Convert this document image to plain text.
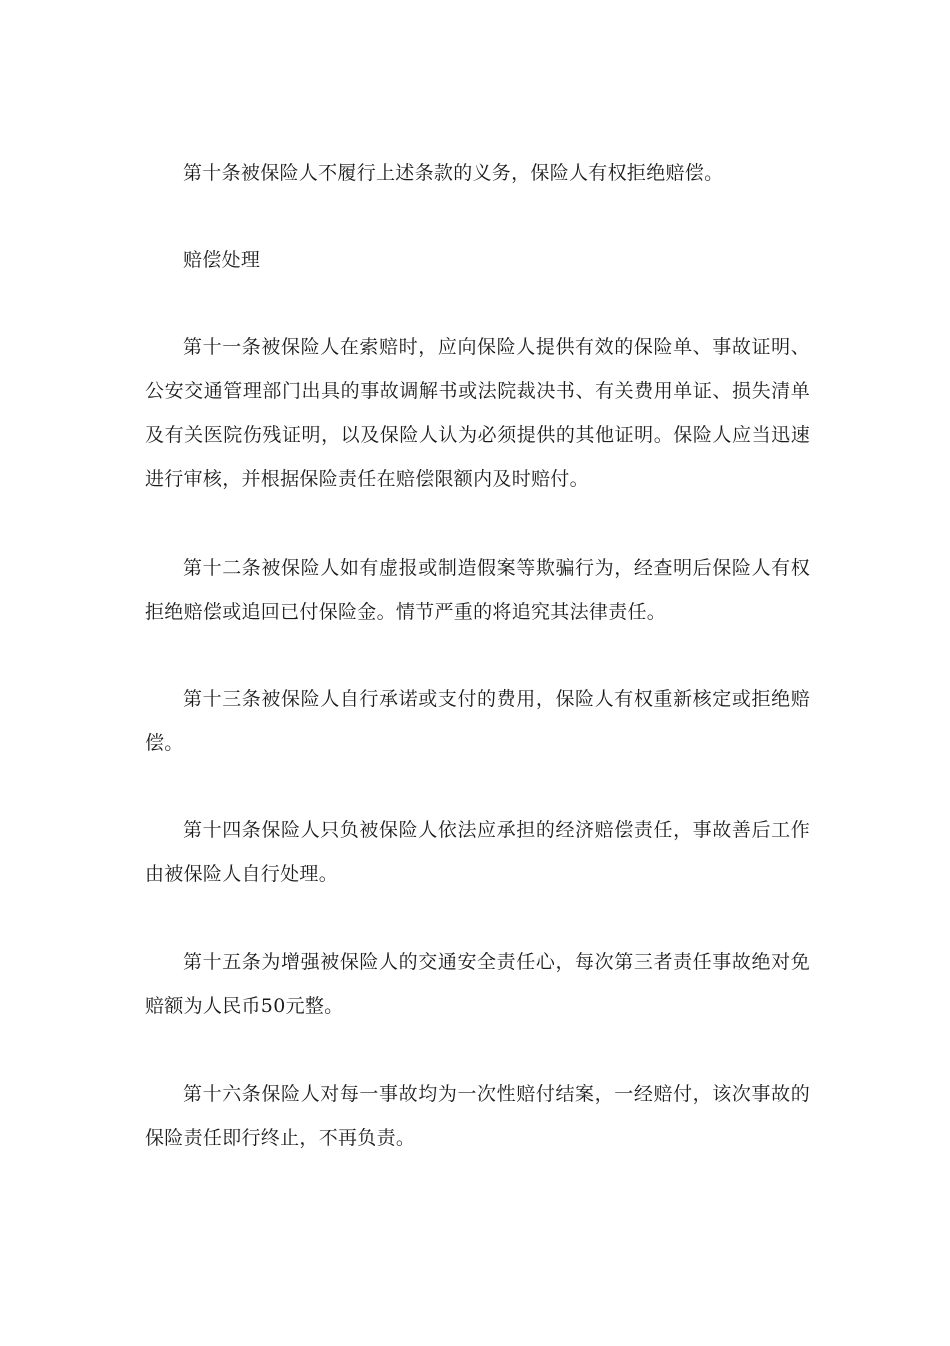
第十条被保险人不履行上述条款的义务，保险人有权拒绝赔偿。

赔偿处理

第十一条被保险人在索赔时，应向保险人提供有效的保险单、事故证明、公安交通管理部门出具的事故调解书或法院裁决书、有关费用单证、损失清单及有关医院伤残证明，以及保险人认为必须提供的其他证明。保险人应当迅速进行审核，并根据保险责任在赔偿限额内及时赔付。

第十二条被保险人如有虚报或制造假案等欺骗行为，经查明后保险人有权拒绝赔偿或追回已付保险金。情节严重的将追究其法律责任。

第十三条被保险人自行承诺或支付的费用，保险人有权重新核定或拒绝赔偿。

第十四条保险人只负被保险人依法应承担的经济赔偿责任，事故善后工作由被保险人自行处理。

第十五条为增强被保险人的交通安全责任心，每次第三者责任事故绝对免赔额为人民币50元整。

第十六条保险人对每一事故均为一次性赔付结案，一经赔付，该次事故的保险责任即行终止，不再负责。
